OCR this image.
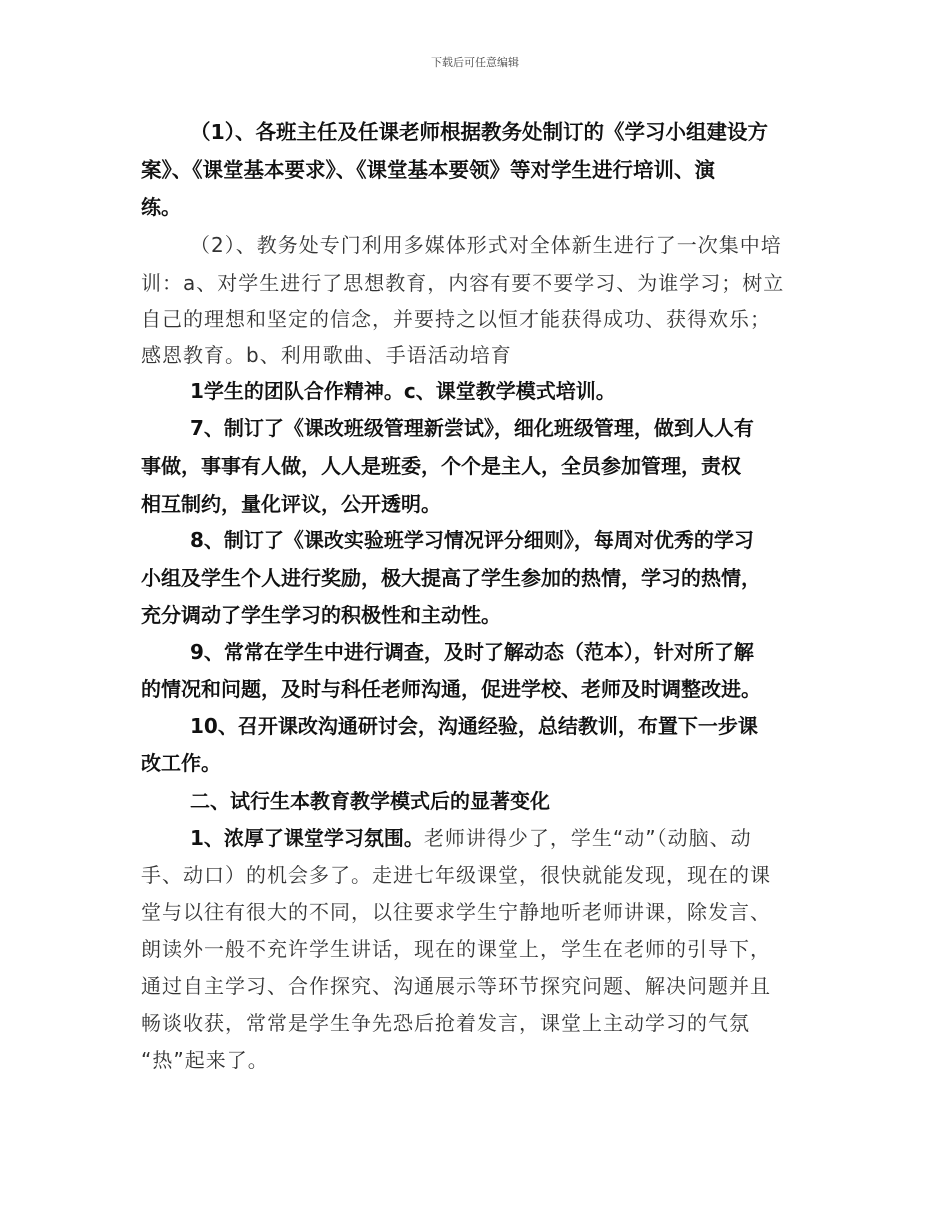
下载后可任意编辑
（1）、各班主任及任课老师根据教务处制订的《学习小组建设方
案》、《课堂基本要求》、《课堂基本要领》等对学生进行培训、演
练。
（2）、教务处专门利用多媒体形式对全体新生进行了一次集中培
训：a、对学生进行了思想教育，内容有要不要学习、为谁学习；树立
自己的理想和坚定的信念，并要持之以恒才能获得成功、获得欢乐；
感恩教育。b、利用歌曲、手语活动培育
1学生的团队合作精神。c、课堂教学模式培训。
7、制订了《课改班级管理新尝试》，细化班级管理，做到人人有
事做，事事有人做，人人是班委，个个是主人，全员参加管理，责权
相互制约，量化评议，公开透明。
8、制订了《课改实验班学习情况评分细则》，每周对优秀的学习
小组及学生个人进行奖励，极大提高了学生参加的热情，学习的热情，
充分调动了学生学习的积极性和主动性。
9、常常在学生中进行调查，及时了解动态（范本），针对所了解
的情况和问题，及时与科任老师沟通，促进学校、老师及时调整改进。
10、召开课改沟通研讨会，沟通经验，总结教训，布置下一步课
改工作。
二、试行生本教育教学模式后的显著变化
1、浓厚了课堂学习氛围。老师讲得少了，学生“动”（动脑、动
手、动口）的机会多了。走进七年级课堂，很快就能发现，现在的课
堂与以往有很大的不同，以往要求学生宁静地听老师讲课，除发言、
朗读外一般不充许学生讲话，现在的课堂上，学生在老师的引导下，
通过自主学习、合作探究、沟通展示等环节探究问题、解决问题并且
畅谈收获，常常是学生争先恐后抢着发言，课堂上主动学习的气氛
“热”起来了。
